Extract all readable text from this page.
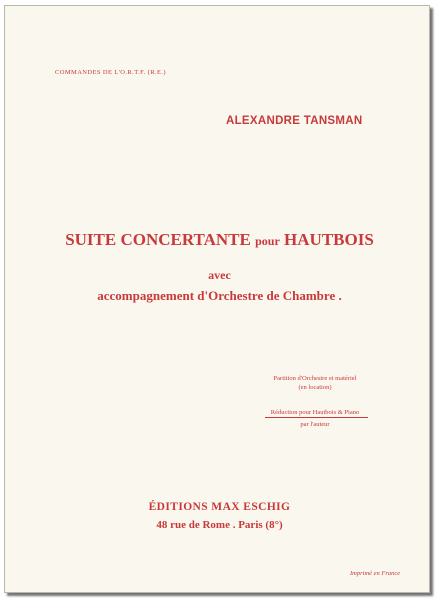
COMMANDES DE L'O.R.T.F. (R.E.)
ALEXANDRE TANSMAN
SUITE CONCERTANTE pour HAUTBOIS
avec
accompagnement d'Orchestre de Chambre .
Partition d'Orchestre et matériel
(en location)
Réduction pour Hautbois & Piano
par l'auteur
ÉDITIONS MAX ESCHIG
48 rue de Rome . Paris (8°)
Imprimé en France
